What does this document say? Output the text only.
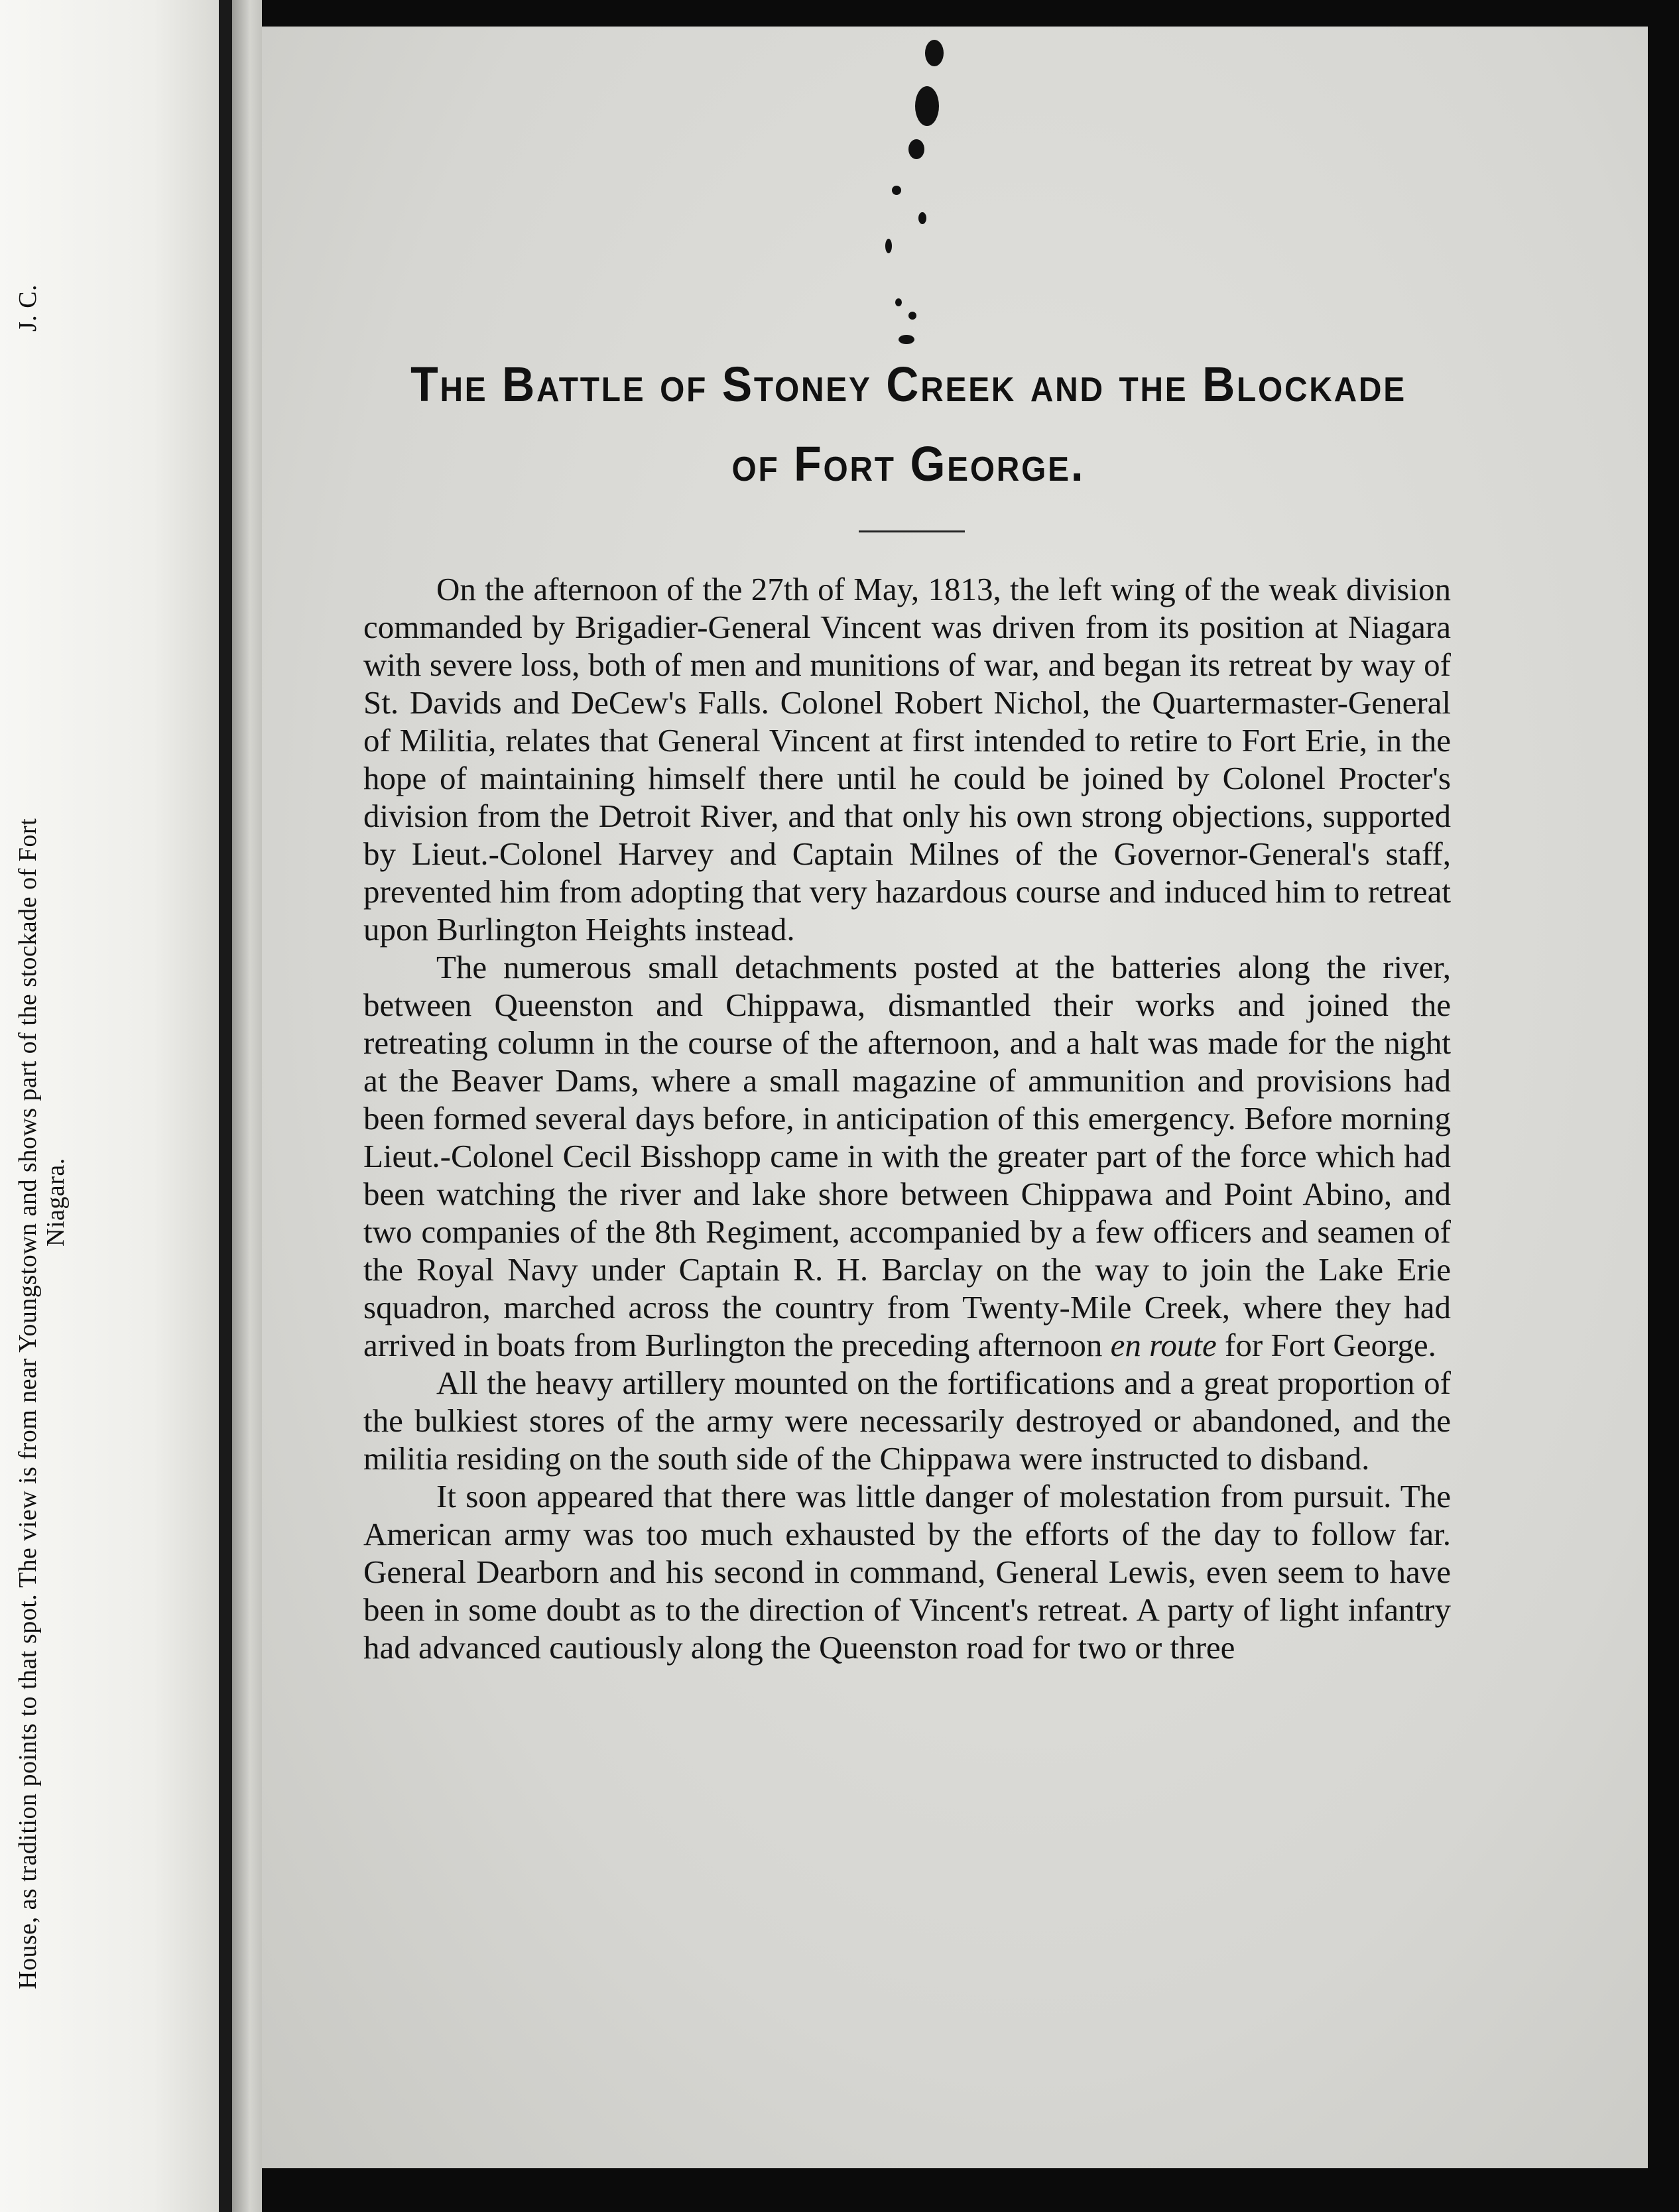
House, as tradition points to that spot. The view is from near Youngstown and shows part of the stockade of Fort Niagara.
J. C.
The Battle of Stoney Creek and the Blockade of Fort George.

On the afternoon of the 27th of May, 1813, the left wing of the weak division commanded by Brigadier-General Vincent was driven from its position at Niagara with severe loss, both of men and munitions of war, and began its retreat by way of St. Davids and DeCew's Falls. Colonel Robert Nichol, the Quartermaster-General of Militia, relates that General Vincent at first intended to retire to Fort Erie, in the hope of maintaining himself there until he could be joined by Colonel Procter's division from the Detroit River, and that only his own strong objections, supported by Lieut.-Colonel Harvey and Captain Milnes of the Governor-General's staff, prevented him from adopting that very hazardous course and induced him to retreat upon Burlington Heights instead.

The numerous small detachments posted at the batteries along the river, between Queenston and Chippawa, dismantled their works and joined the retreating column in the course of the afternoon, and a halt was made for the night at the Beaver Dams, where a small magazine of ammunition and provisions had been formed several days before, in anticipation of this emergency. Before morning Lieut.-Colonel Cecil Bisshopp came in with the greater part of the force which had been watching the river and lake shore between Chippawa and Point Abino, and two companies of the 8th Regiment, accompanied by a few officers and seamen of the Royal Navy under Captain R. H. Barclay on the way to join the Lake Erie squadron, marched across the country from Twenty-Mile Creek, where they had arrived in boats from Burlington the preceding afternoon en route for Fort George.

All the heavy artillery mounted on the fortifications and a great proportion of the bulkiest stores of the army were necessarily destroyed or abandoned, and the militia residing on the south side of the Chippawa were instructed to disband.

It soon appeared that there was little danger of molestation from pursuit. The American army was too much exhausted by the efforts of the day to follow far. General Dearborn and his second in command, General Lewis, even seem to have been in some doubt as to the direction of Vincent's retreat. A party of light infantry had advanced cautiously along the Queenston road for two or three
